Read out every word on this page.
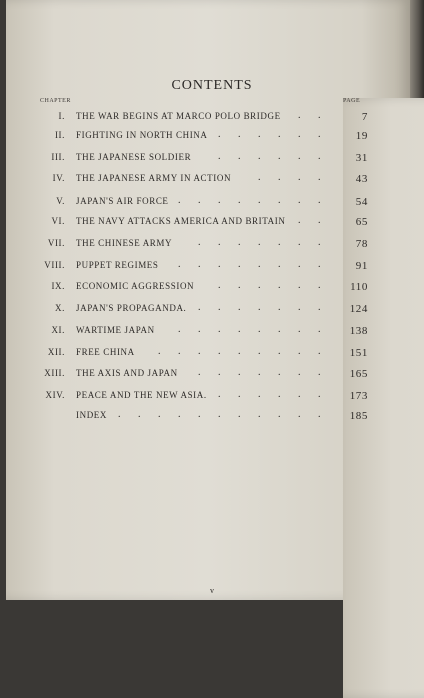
CONTENTS
CHAPTER	PAGE
I. THE WAR BEGINS AT MARCO POLO BRIDGE	7
. .
II. FIGHTING IN NORTH CHINA	19
. . . . . .
III. THE JAPANESE SOLDIER	31
. . . . . .
IV. THE JAPANESE ARMY IN ACTION	43
. . . .
V. JAPAN'S AIR FORCE	54
. . . . . . . .
VI. THE NAVY ATTACKS AMERICA AND BRITAIN	65
. .
VII. THE CHINESE ARMY	78
. . . . . . .
VIII. PUPPET REGIMES	91
. . . . . . . .
IX. ECONOMIC AGGRESSION	110
. . . . . .
X. JAPAN'S PROPAGANDA.	124
. . . . . . .
XI. WARTIME JAPAN	138
. . . . . . . .
XII. FREE CHINA	151
. . . . . . . . .
XIII. THE AXIS AND JAPAN	165
. . . . . . .
XIV. PEACE AND THE NEW ASIA.	173
. . . . . .
INDEX	185
. . . . . . . . . . .
v
